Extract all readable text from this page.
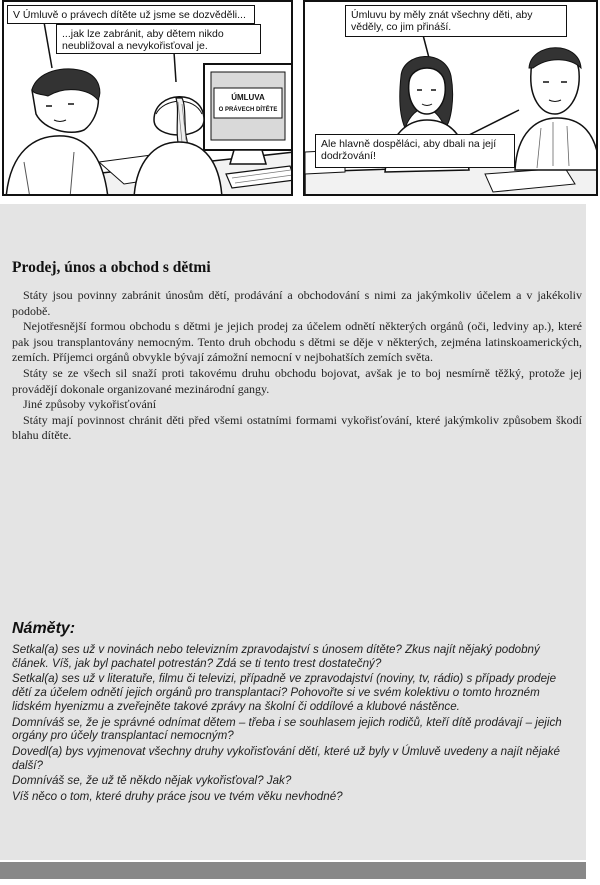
ÚMLUVA
O PRÁVECH DÍTĚTE
V Úmluvě o právech dítěte už jsme se dozvěděli...
...jak lze zabránit, aby dětem nikdo neubližoval a nevykořisťoval je.
Úmluvu by měly znát všechny děti, aby věděly, co jim přináší.
Ale hlavně dospěláci, aby dbali na její dodržování!
Prodej, únos a obchod s dětmi

Státy jsou povinny zabránit únosům dětí, prodávání a obchodování s nimi za jakýmkoliv účelem a v jakékoliv podobě.

Nejotřesnější formou obchodu s dětmi je jejich prodej za účelem odnětí některých orgánů (oči, ledviny ap.), které pak jsou transplantovány nemocným. Tento druh obchodu s dětmi se děje v některých, zejména latinskoamerických, zemích. Příjemci orgánů obvykle bývají zámožní nemocní v nejbohatších zemích světa.

Státy se ze všech sil snaží proti takovému druhu obchodu bojovat, avšak je to boj nesmírně těžký, protože jej provádějí dokonale organizované mezinárodní gangy.

Jiné způsoby vykořisťování

Státy mají povinnost chránit děti před všemi ostatními formami vykořisťování, které jakýmkoliv způsobem škodí blahu dítěte.

Náměty:

Setkal(a) ses už v novinách nebo televizním zpravodajství s únosem dítěte? Zkus najít nějaký podobný článek. Víš, jak byl pachatel potrestán? Zdá se ti tento trest dostatečný?

Setkal(a) ses už v literatuře, filmu či televizi, případně ve zpravodajství (noviny, tv, rádio) s případy prodeje dětí za účelem odnětí jejich orgánů pro transplantaci? Pohovořte si ve svém kolektivu o tomto hrozném lidském hyenizmu a zveřejněte takové zprávy na školní či oddílové a klubové nástěnce.

Domníváš se, že je správné odnímat dětem – třeba i se souhlasem jejich rodičů, kteří dítě prodávají – jejich orgány pro účely transplantací nemocným?

Dovedl(a) bys vyjmenovat všechny druhy vykořisťování dětí, které už byly v Úmluvě uvedeny a najít nějaké další?

Domníváš se, že už tě někdo nějak vykořisťoval? Jak?

Víš něco o tom, které druhy práce jsou ve tvém věku nevhodné?
